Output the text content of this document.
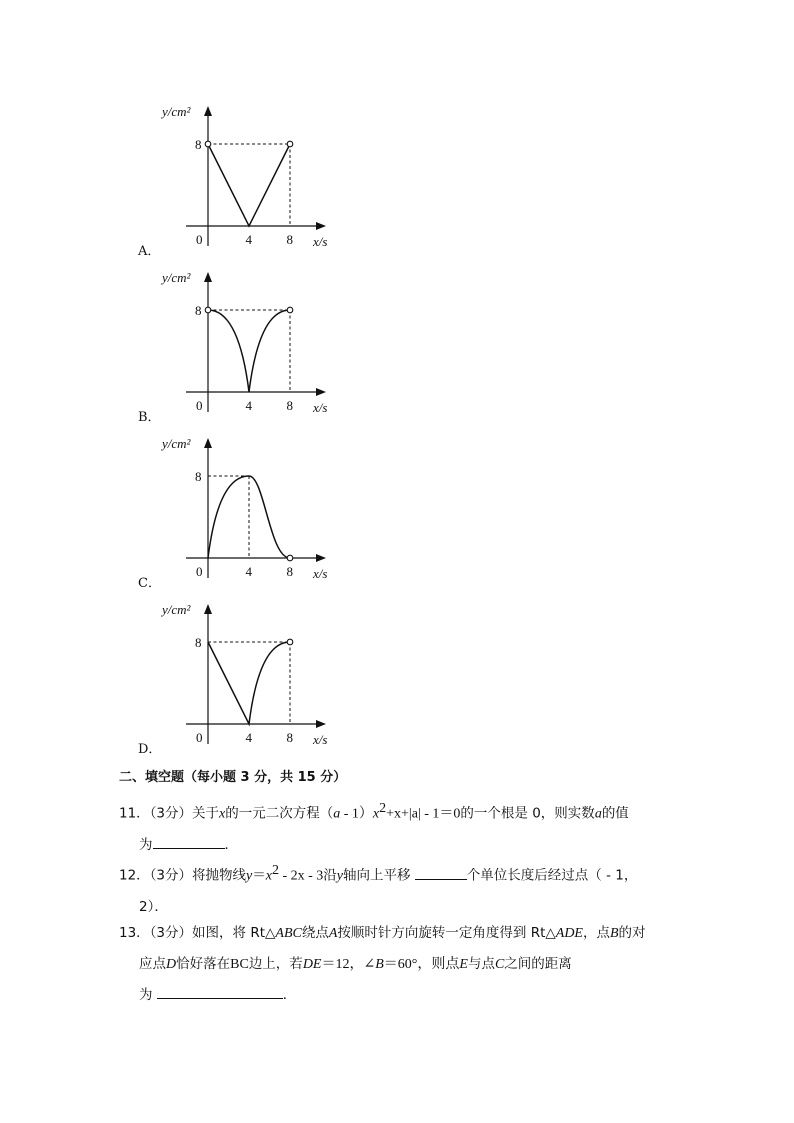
A．
B．
C．
D．
y/cm²
x/s
0	4	8
8
y/cm²
x/s
0	4	8
8
y/cm²
x/s
0	4	8
8
y/cm²
x/s
0	4	8
8
二、填空题（每小题 3 分，共 15 分）
11．（3分）关于x的一元二次方程$(a - 1)x^2+x+|a| - 1=0$的一个根是 0，则实数a的值
为	．
12．（3分）将抛物线$y=x^2 - 2x - 3$沿y轴向上平移	个单位长度后经过点（ - 1，
2）．
13．（3分）如图，将 Rt△ABC绕点A按顺时针方向旋转一定角度得到 Rt△ADE，点B的对
应点D恰好落在BC边上，若DE＝12，∠B＝60°，则点E与点C之间的距离
为	．
